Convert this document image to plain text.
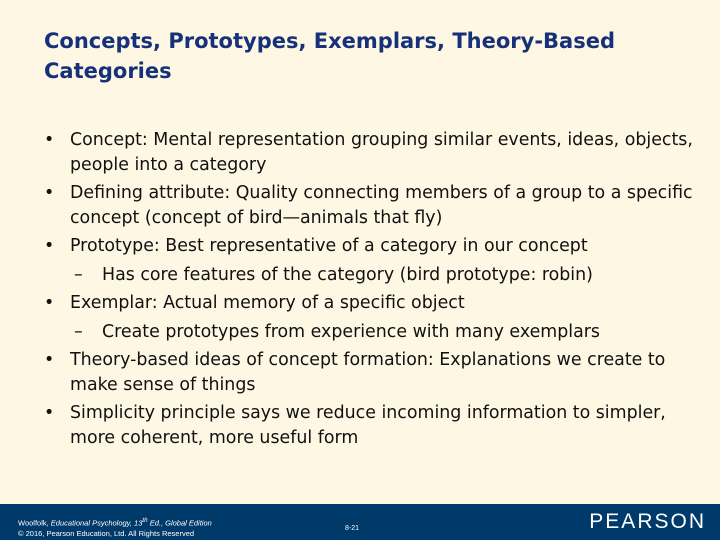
Concepts, Prototypes, Exemplars, Theory-Based Categories
• Concept: Mental representation grouping similar events, ideas, objects, people into a category
• Defining attribute: Quality connecting members of a group to a specific concept (concept of bird—animals that fly)
• Prototype: Best representative of a category in our concept
– Has core features of the category (bird prototype: robin)
• Exemplar: Actual memory of a specific object
– Create prototypes from experience with many exemplars
• Theory-based ideas of concept formation: Explanations we create to make sense of things
• Simplicity principle says we reduce incoming information to simpler, more coherent, more useful form
Woolfolk, Educational Psychology, 13th Ed., Global Edition
© 2016, Pearson Education, Ltd. All Rights Reserved	8-21	PEARSON
